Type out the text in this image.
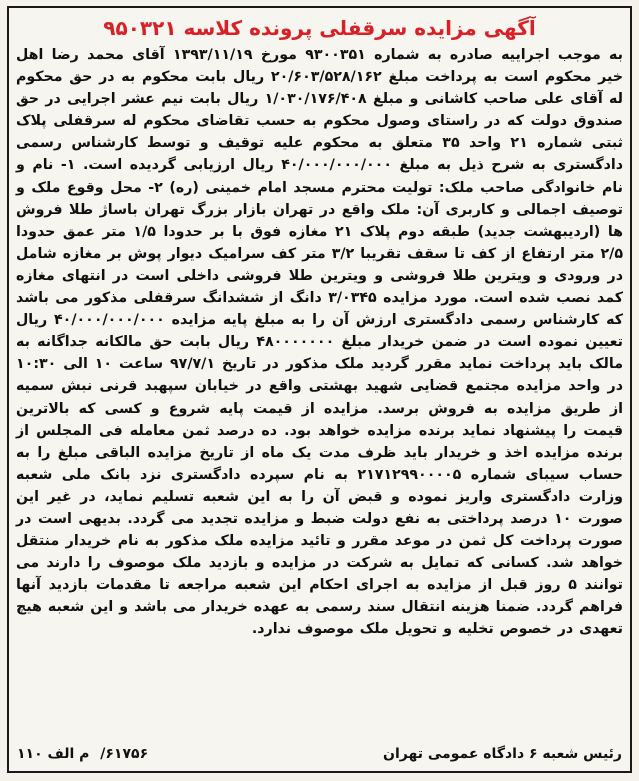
آگهی مزایده سرقفلی پرونده کلاسه ۹۵۰۳۲۱

به موجب اجراییه صادره به شماره ۹۳۰۰۳۵۱ مورخ ۱۳۹۳/۱۱/۱۹ آقای محمد رضا اهل خیر محکوم است به پرداخت مبلغ ۲۰/۶۰۳/۵۲۸/۱۶۲ ریال بابت محکوم به در حق محکوم له آقای علی صاحب کاشانی و مبلغ ۱/۰۳۰/۱۷۶/۴۰۸ ریال بابت نیم عشر اجرایی در حق صندوق دولت که در راستای وصول محکوم به حسب تقاضای محکوم له سرقفلی پلاک ثبتی شماره ۲۱ واحد ۳۵ متعلق به محکوم علیه توقیف و توسط کارشناس رسمی دادگستری به شرح ذیل به مبلغ ۴۰/۰۰۰/۰۰۰/۰۰۰ ریال ارزیابی گردیده است. ۱- نام و نام خانوادگی صاحب ملک: تولیت محترم مسجد امام خمینی (ره) ۲- محل وقوع ملک و توصیف اجمالی و کاربری آن: ملک واقع در تهران بازار بزرگ تهران باساژ طلا فروش ها (اردیبهشت جدید) طبقه دوم پلاک ۲۱ مغازه فوق با بر حدودا ۱/۵ متر عمق حدودا ۲/۵ متر ارتفاع از کف تا سقف تقریبا ۳/۲ متر کف سرامیک دیوار پوش بر مغازه شامل در ورودی و ویترین طلا فروشی و ویترین طلا فروشی داخلی است در انتهای مغازه کمد نصب شده است. مورد مزایده ۳/۰۳۴۵ دانگ از ششدانگ سرقفلی مذکور می باشد که کارشناس رسمی دادگستری ارزش آن را به مبلغ پایه مزایده ۴۰/۰۰۰/۰۰۰/۰۰۰ ریال تعیین نموده است در ضمن خریدار مبلغ ۴۸۰۰۰۰۰۰۰ ریال بابت حق مالکانه جداگانه به مالک باید پرداخت نماید مقرر گردید ملک مذکور در تاریخ ۹۷/۷/۱ ساعت ۱۰ الی ۱۰:۳۰ در واحد مزایده مجتمع قضایی شهید بهشتی واقع در خیابان سپهبد قرنی نبش سمیه از طریق مزایده به فروش برسد. مزایده از قیمت پایه شروع و کسی که بالاترین قیمت را پیشنهاد نماید برنده مزایده خواهد بود. ده درصد ثمن معامله فی المجلس از برنده مزایده اخذ و خریدار باید ظرف مدت یک ماه از تاریخ مزایده الباقی مبلغ را به حساب سیبای شماره ۲۱۷۱۲۹۹۰۰۰۰۵ به نام سپرده دادگستری نزد بانک ملی شعبه وزارت دادگستری واریز نموده و قبض آن را به این شعبه تسلیم نماید، در غیر این صورت ۱۰ درصد پرداختی به نفع دولت ضبط و مزایده تجدید می گردد. بدیهی است در صورت پرداخت کل ثمن در موعد مقرر و تائید مزایده ملک مذکور به نام خریدار منتقل خواهد شد. کسانی که تمایل به شرکت در مزایده و بازدید ملک موصوف را دارند می توانند ۵ روز قبل از مزایده به اجرای احکام این شعبه مراجعه تا مقدمات بازدید آنها فراهم گردد. ضمنا هزینه انتقال سند رسمی به عهده خریدار می باشد و این شعبه هیچ تعهدی در خصوص تخلیه و تحویل ملک موصوف ندارد.

رئیس شعبه ۶ دادگاه عمومی تهران
۶۱۷۵۶/ م الف ۱۱۰
